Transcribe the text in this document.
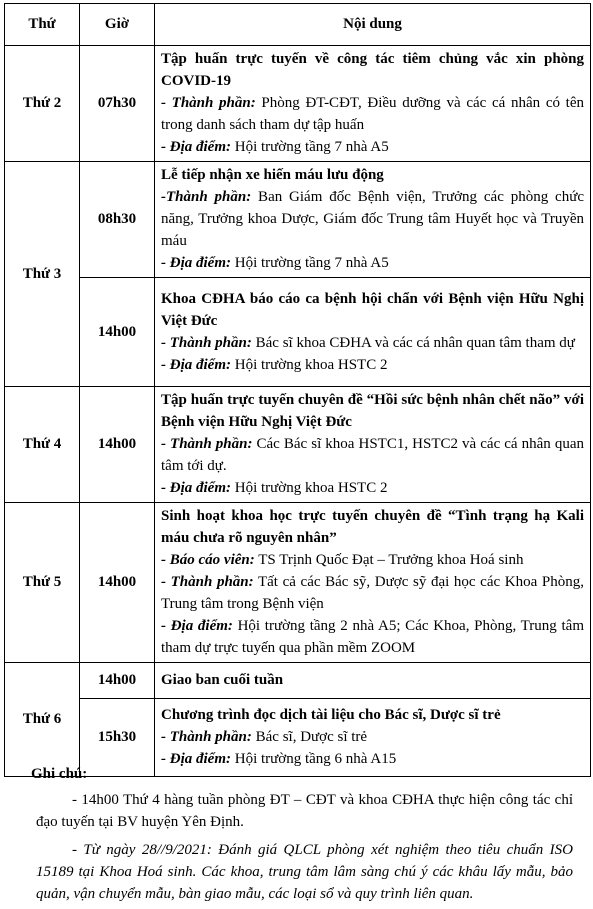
Thứ	Giờ	Nội dung
Thứ 2	07h30	Tập huấn trực tuyến về công tác tiêm chủng vắc xin phòng COVID-19
- Thành phần: Phòng ĐT-CĐT, Điều dưỡng và các cá nhân có tên trong danh sách tham dự tập huấn
- Địa điểm: Hội trường tầng 7 nhà A5

Thứ 3	08h30	Lễ tiếp nhận xe hiến máu lưu động
-Thành phần: Ban Giám đốc Bệnh viện, Trưởng các phòng chức năng, Trưởng khoa Dược, Giám đốc Trung tâm Huyết học và Truyền máu
- Địa điểm: Hội trường tầng 7 nhà A5

	14h00	Khoa CĐHA báo cáo ca bệnh hội chẩn với Bệnh viện Hữu Nghị Việt Đức
- Thành phần: Bác sĩ khoa CĐHA và các cá nhân quan tâm tham dự
- Địa điểm: Hội trường khoa HSTC 2

Thứ 4	14h00	Tập huấn trực tuyến chuyên đề “Hồi sức bệnh nhân chết não” với Bệnh viện Hữu Nghị Việt Đức
- Thành phần: Các Bác sĩ khoa HSTC1, HSTC2 và các cá nhân quan tâm tới dự.
- Địa điểm: Hội trường khoa HSTC 2

Thứ 5	14h00	Sinh hoạt khoa học trực tuyến chuyên đề “Tình trạng hạ Kali máu chưa rõ nguyên nhân”
- Báo cáo viên: TS Trịnh Quốc Đạt – Trưởng khoa Hoá sinh
- Thành phần: Tất cả các Bác sỹ, Dược sỹ đại học các Khoa Phòng, Trung tâm trong Bệnh viện
- Địa điểm: Hội trường tầng 2 nhà A5; Các Khoa, Phòng, Trung tâm tham dự trực tuyến qua phần mềm ZOOM

Thứ 6	14h00	Giao ban cuối tuần

	15h30	Chương trình đọc dịch tài liệu cho Bác sĩ, Dược sĩ trẻ
- Thành phần: Bác sĩ, Dược sĩ trẻ
- Địa điểm: Hội trường tầng 6 nhà A15
Ghi chú:

- 14h00 Thứ 4 hàng tuần phòng ĐT – CĐT và khoa CĐHA thực hiện công tác chỉ đạo tuyến tại BV huyện Yên Định.

- Từ ngày 28//9/2021: Đánh giá QLCL phòng xét nghiệm theo tiêu chuẩn ISO 15189 tại Khoa Hoá sinh. Các khoa, trung tâm lâm sàng chú ý các khâu lấy mẫu, bảo quản, vận chuyển mẫu, bàn giao mẫu, các loại sổ và quy trình liên quan.
